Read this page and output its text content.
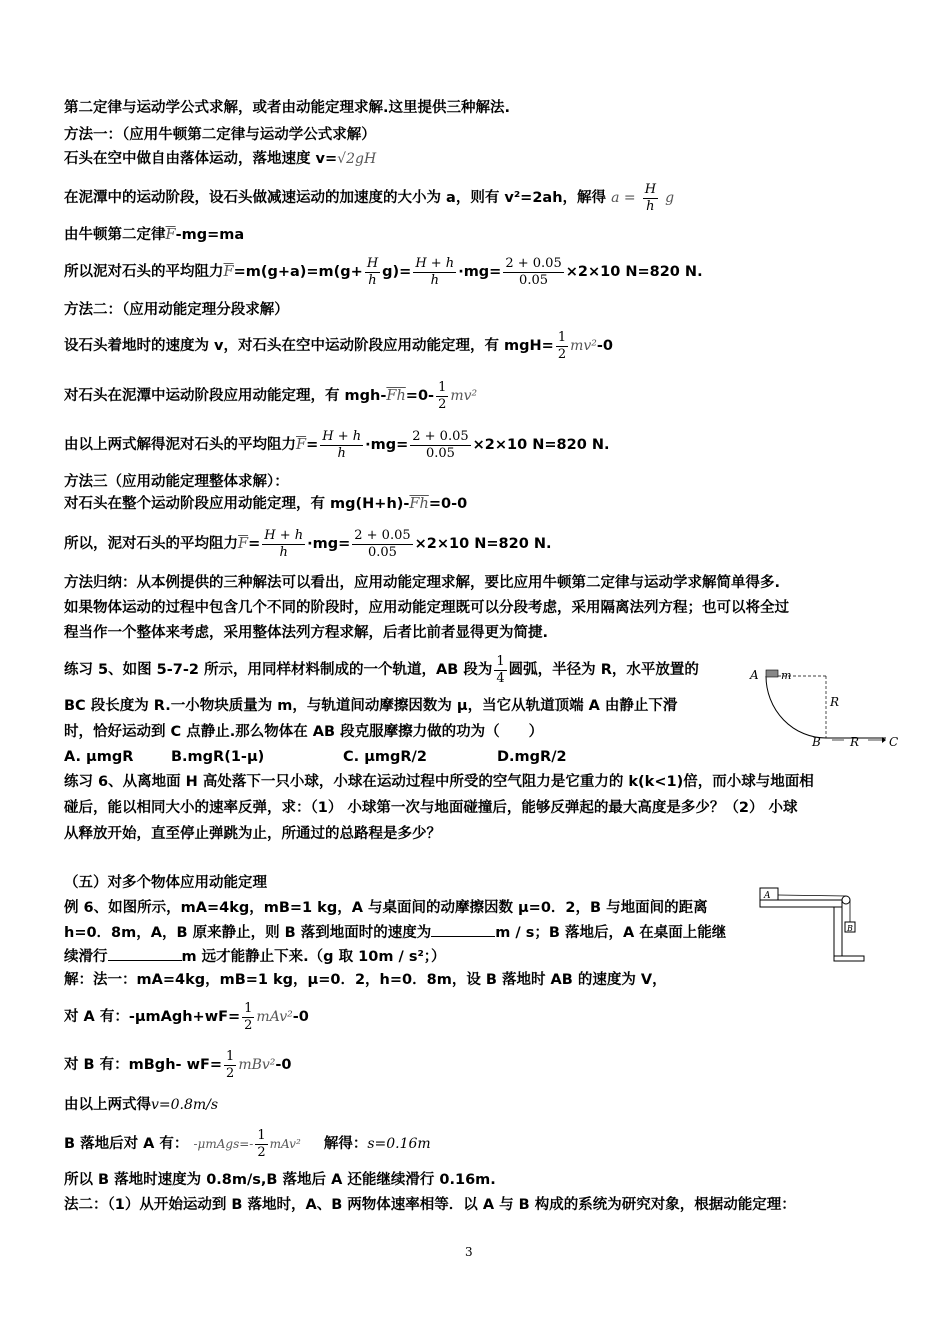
第二定律与运动学公式求解，或者由动能定理求解.这里提供三种解法.
方法一：（应用牛顿第二定律与运动学公式求解）
石头在空中做自由落体运动，落地速度 v=√2gH
在泥潭中的运动阶段，设石头做减速运动的加速度的大小为 a，则有 v²=2ah，解得 $a = \frac{H}{h}$ g
由牛顿第二定律$\overline{F}-mg=ma$
所以泥对石头的平均阻力$\overline{F}=m(g+a)=m(g+ \frac{H}{h} g)= \frac{H + h}{h} \cdot mg= \frac{2 + 0.05}{0.05} \times 2\times 10$ N=820 N.
方法二：（应用动能定理分段求解）
设石头着地时的速度为 v，对石头在空中运动阶段应用动能定理，有 $mgH= \frac{1}{2} mv^2-0$
对石头在泥潭中运动阶段应用动能定理，有 mgh-$\overline{Fh}=0- \frac{1}{2} mv^2$
由以上两式解得泥对石头的平均阻力$\overline{F}= \frac{H + h}{h} \cdot mg= \frac{2 + 0.05}{0.05} \times 2\times 10$ N=820 N.
方法三（应用动能定理整体求解）：
对石头在整个运动阶段应用动能定理，有 $mg(H+h)-\overline{Fh}=0-0$
所以，泥对石头的平均阻力$\overline{F}= \frac{H + h}{h} \cdot mg= \frac{2 + 0.05}{0.05} \times 2\times 10$ N=820 N.
方法归纳：从本例提供的三种解法可以看出，应用动能定理求解，要比应用牛顿第二定律与运动学求解简单得多.
如果物体运动的过程中包含几个不同的阶段时，应用动能定理既可以分段考虑，采用隔离法列方程；也可以将全过
程当作一个整体来考虑，采用整体法列方程求解，后者比前者显得更为简捷.
练习 5、如图 5-7-2 所示，用同样材料制成的一个轨道，AB 段为 $\frac{1}{4}$ 圆弧，半径为 R，水平放置的
BC 段长度为 R.一小物块质量为 m，与轨道间动摩擦因数为 μ，当它从轨道顶端 A 由静止下滑
时，恰好运动到 C 点静止.那么物体在 AB 段克服摩擦力做的功为（　　）
A. μmgR	B.mgR(1-μ)	C. μmgR/2	D.mgR/2
A m
R
B R C
练习 6、从离地面 H 高处落下一只小球，小球在运动过程中所受的空气阻力是它重力的 k(k<1)倍，而小球与地面相
碰后，能以相同大小的速率反弹，求：（1） 小球第一次与地面碰撞后，能够反弹起的最大高度是多少？（2） 小球
从释放开始，直至停止弹跳为止，所通过的总路程是多少？
（五）对多个物体应用动能定理
例 6、如图所示，mA=4kg，mB=1 kg，A 与桌面间的动摩擦因数 μ=0．2，B 与地面间的距离
h=0．8m，A，B 原来静止，则 B 落到地面时的速度为	m / s；B 落地后，A 在桌面上能继
续滑行	m 远才能静止下来.（g 取 10m / s²；）
A
B
解：法一：mA=4kg，mB=1 kg，μ=0．2，h=0．8m，设 B 落地时 AB 的速度为 V，
对 A 有：-μmAgh+wF= $\frac{1}{2} mAv^2-0$
对 B 有：mBgh- $wF= \frac{1}{2} mBv^2-0$
由以上两式得v=0.8m/s
B 落地后对 A 有： -μmAgs=- $\frac{1}{2} mAv^2$ 解得：s=0.16m
所以 B 落地时速度为 0.8m/s,B 落地后 A 还能继续滑行 0.16m.
法二：（1）从开始运动到 B 落地时，A、B 两物体速率相等．以 A 与 B 构成的系统为研究对象，根据动能定理：
3
